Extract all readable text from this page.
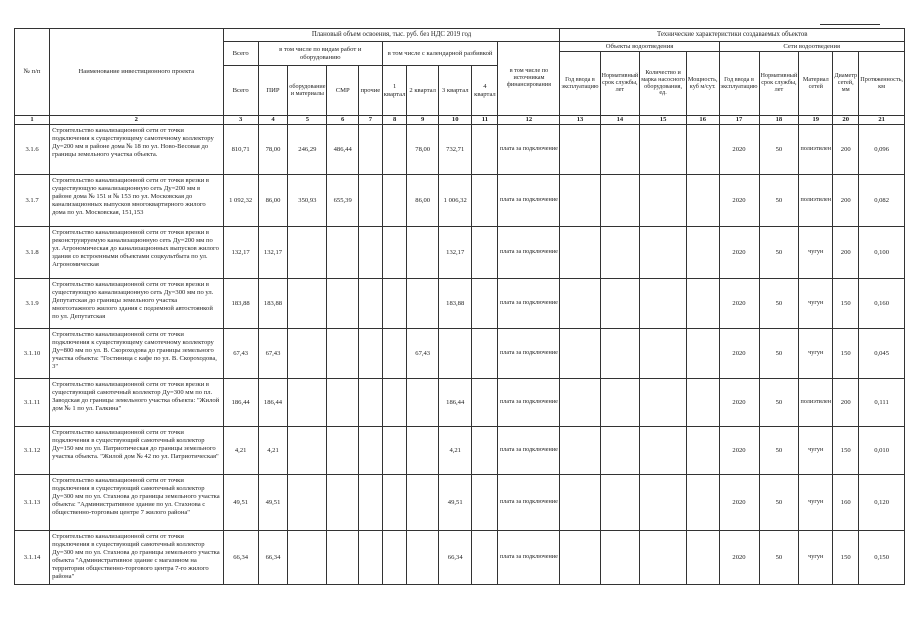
№ п/п	Наименование инвестиционного проекта	Плановый объем освоения, тыс. руб. без НДС 2019 год										Технические характеристики создаваемых объектов								
		Всего	в том числе по видам работ и оборудованию				в том числе с календарной разбивкой				в том числе по источникам финансирования	Объекты водоотведения				Сети водоотведения				
												Год ввода в эксплуатацию	Нормативный срок службы, лет	Количество и марка насосного оборудования, ед.	Мощность, куб м/сут.	Год ввода в эксплуатацию	Нормативный срок службы, лет	Материал сетей	Диаметр сетей, мм	Протяженность, км
		Всего	ПИР	оборудование и материалы	СМР	прочие	1 квартал	2 квартал	3 квартал	4 квартал										
1	2	3	4	5	6	7	8	9	10	11	12	13	14	15	16	17	18	19	20	21
3.1.6	Строительство канализационной сети от точки подключения к существующему самотечному коллектору Ду=200 мм в районе дома № 18 по ул. Ново-Весовая до границы земельного участка объекта.	810,71	78,00	246,29	486,44			78,00	732,71		плата за подключение					2020	50	полиэтилен	200	0,096
3.1.7	Строительство канализационной сети от точки врезки в существующую канализационную сеть Ду=200 мм в районе дома № 151 и № 153 по ул. Московская до канализационных выпусков многоквартирного жилого дома по ул. Московская, 151,153	1 092,32	86,00	350,93	655,39			86,00	1 006,32		плата за подключение					2020	50	полиэтилен	200	0,082
3.1.8	Строительство канализационной сети от точки врезки в реконструируемую канализационную сеть Ду=200 мм по ул. Агрономическая до канализационных выпусков жилого здания со встроенными объектами соцкультбыта по ул. Агрономическая	132,17	132,17						132,17		плата за подключение					2020	50	чугун	200	0,100
3.1.9	Строительство канализационной сети от точки врезки в существующую канализационную сеть Ду=300 мм по ул. Депутатская до границы земельного участка многоэтажного жилого здания с подземной автостоянкой по ул. Депутатская	183,88	183,88						183,88		плата за подключение					2020	50	чугун	150	0,160
3.1.10	Строительство канализационной сети от точки подключения к существующему самотечному коллектору Ду=800 мм по ул. В. Скороходова до границы земельного участка объекта: "Гостиница с кафе по ул. В. Скороходова, 3"	67,43	67,43					67,43			плата за подключение					2020	50	чугун	150	0,045
3.1.11	Строительство канализационной сети от точки врезки в существующий самотечный коллектор Ду=300 мм по пл. Заводская до границы земельного участка объекта: "Жилой дом № 1 по ул. Галкина"	186,44	186,44						186,44		плата за подключение					2020	50	полиэтилен	200	0,111
3.1.12	Строительство канализационной сети от точки подключения в существующий самотечный коллектор Ду=150 мм по ул. Патриотическая до границы земельного участка объекта. "Жилой дом № 42 по ул. Патриотическая"	4,21	4,21						4,21		плата за подключение					2020	50	чугун	150	0,010
3.1.13	Строительство канализационной сети от точки подключения в существующий самотечный коллектор Ду=300 мм по ул. Стахнова до границы земельного участка объекта: "Административное здание по ул. Стахнова с общественно-торговым центре 7 жилого района"	49,51	49,51						49,51		плата за подключение					2020	50	чугун	160	0,120
3.1.14	Строительство канализационной сети от точки подключения в существующий самотечный коллектор Ду=300 мм по ул. Стахнова до границы земельного участка объекта "Административное здание с магазином на территории общественно-торгового центра 7-го жилого района"	66,34	66,34						66,34		плата за подключение					2020	50	чугун	150	0,150
